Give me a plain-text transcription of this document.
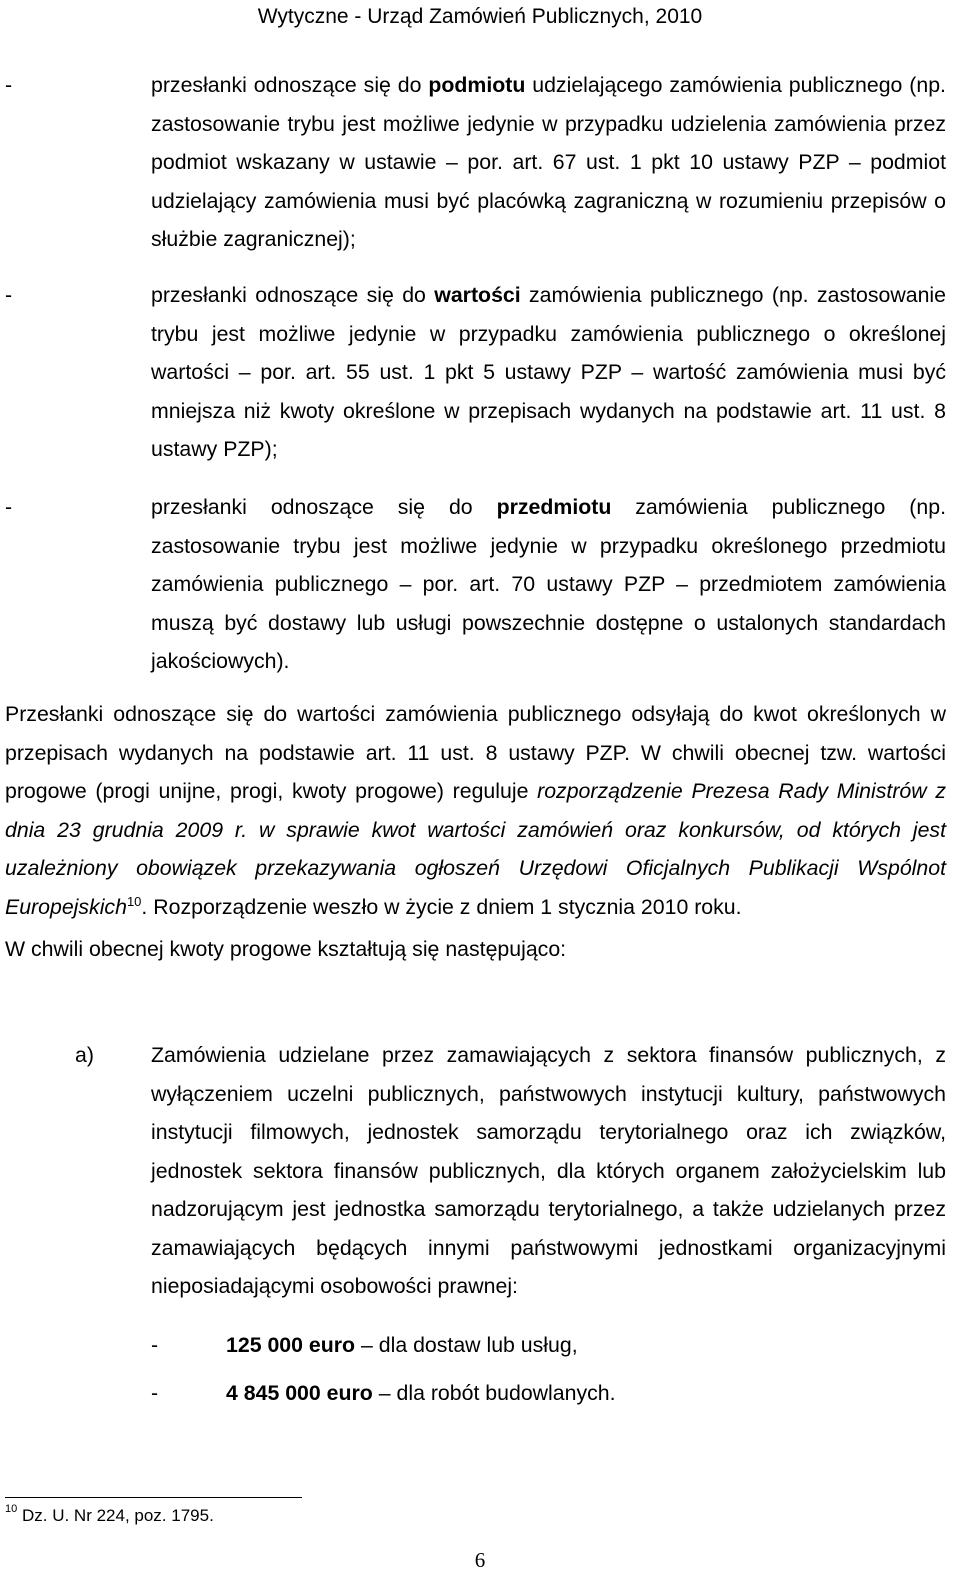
Wytyczne - Urząd Zamówień Publicznych, 2010
-	przesłanki odnoszące się do podmiotu udzielającego zamówienia publicznego (np. zastosowanie trybu jest możliwe jedynie w przypadku udzielenia zamówienia przez podmiot wskazany w ustawie – por. art. 67 ust. 1 pkt 10 ustawy PZP – podmiot udzielający zamówienia musi być placówką zagraniczną w rozumieniu przepisów o służbie zagranicznej);

-	przesłanki odnoszące się do wartości zamówienia publicznego (np. zastosowanie trybu jest możliwe jedynie w przypadku zamówienia publicznego o określonej wartości – por. art. 55 ust. 1 pkt 5 ustawy PZP – wartość zamówienia musi być mniejsza niż kwoty określone w przepisach wydanych na podstawie art. 11 ust. 8 ustawy PZP);

-	przesłanki odnoszące się do przedmiotu zamówienia publicznego (np. zastosowanie trybu jest możliwe jedynie w przypadku określonego przedmiotu zamówienia publicznego – por. art. 70 ustawy PZP – przedmiotem zamówienia muszą być dostawy lub usługi powszechnie dostępne o ustalonych standardach jakościowych).

Przesłanki odnoszące się do wartości zamówienia publicznego odsyłają do kwot określonych w przepisach wydanych na podstawie art. 11 ust. 8 ustawy PZP. W chwili obecnej tzw. wartości progowe (progi unijne, progi, kwoty progowe) reguluje rozporządzenie Prezesa Rady Ministrów z dnia 23 grudnia 2009 r. w sprawie kwot wartości zamówień oraz konkursów, od których jest uzależniony obowiązek przekazywania ogłoszeń Urzędowi Oficjalnych Publikacji Wspólnot Europejskich$^{10}$. Rozporządzenie weszło w życie z dniem 1 stycznia 2010 roku.

W chwili obecnej kwoty progowe kształtują się następująco:

a)	Zamówienia udzielane przez zamawiających z sektora finansów publicznych, z wyłączeniem uczelni publicznych, państwowych instytucji kultury, państwowych instytucji filmowych, jednostek samorządu terytorialnego oraz ich związków, jednostek sektora finansów publicznych, dla których organem założycielskim lub nadzorującym jest jednostka samorządu terytorialnego, a także udzielanych przez zamawiających będących innymi państwowymi jednostkami organizacyjnymi nieposiadającymi osobowości prawnej:

-	125 000 euro – dla dostaw lub usług,
-	4 845 000 euro – dla robót budowlanych.
$^{10}$ Dz. U. Nr 224, poz. 1795.
6
